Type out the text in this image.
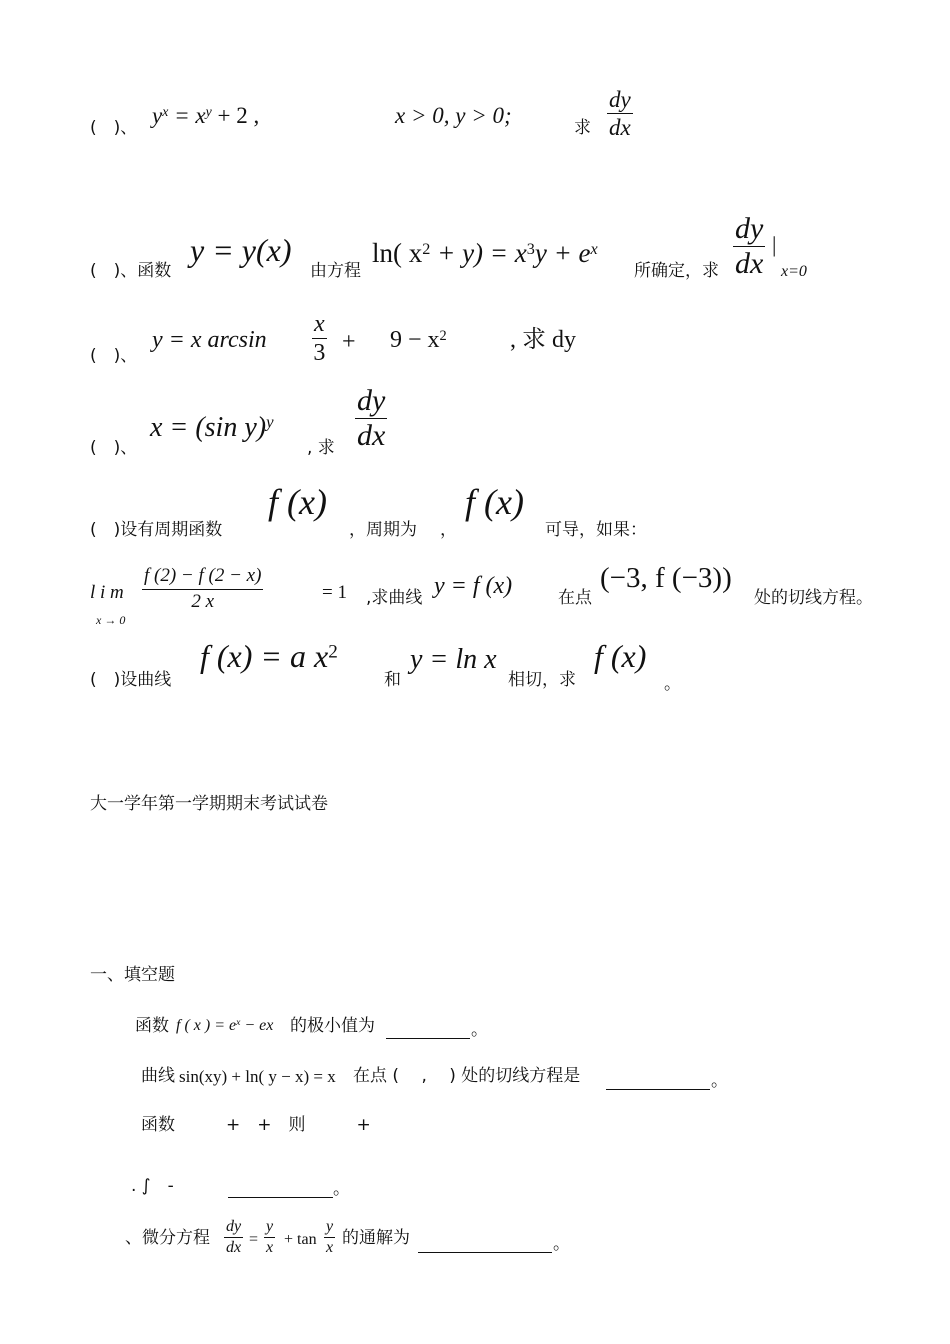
(　)、 $y^x = x^y + 2$ ,	x > 0, y > 0;	求 $\frac{dy}{dx}$
(　)、函数
y = y(x)
由方程
ln( $x^2 + y) = x^3y + e^x$
所确定，求 $\frac{dy}{dx}$ |
x=0
(　)、
y = x $\arcsin \frac{x}{3} + 9 - x^2$	, 求 dy
(　)、
x = (sin y)$^y$
, 求 $\frac{dy}{dx}$
(　)设有周期函数
f (x)
，周期为 ，
f (x)
可导，如果：
l i m
x → 0
$\frac{f (2) - f (2 - x)}{2 x}$	= 1 ,求曲线 y = f (x)	在点
(−3, f (−3))
处的切线方程。
(　)设曲线
f (x) = a $x^2$
和
y = ln x
相切，求
f (x)
。
大一学年第一学期期末考试试卷
一、填空题
函数 f ( x ) = $e^x$ − ex 的极小值为	。
曲线 sin(xy) + ln( y − x) = x 在点 (　 ,　 ) 处的切线方程是	。
函数　　　+　+　则　　　+
. ∫　-	。
、微分方程 $\frac{dy}{dx} = \frac{y}{x} + \tan \frac{y}{x}$ 的通解为	。
